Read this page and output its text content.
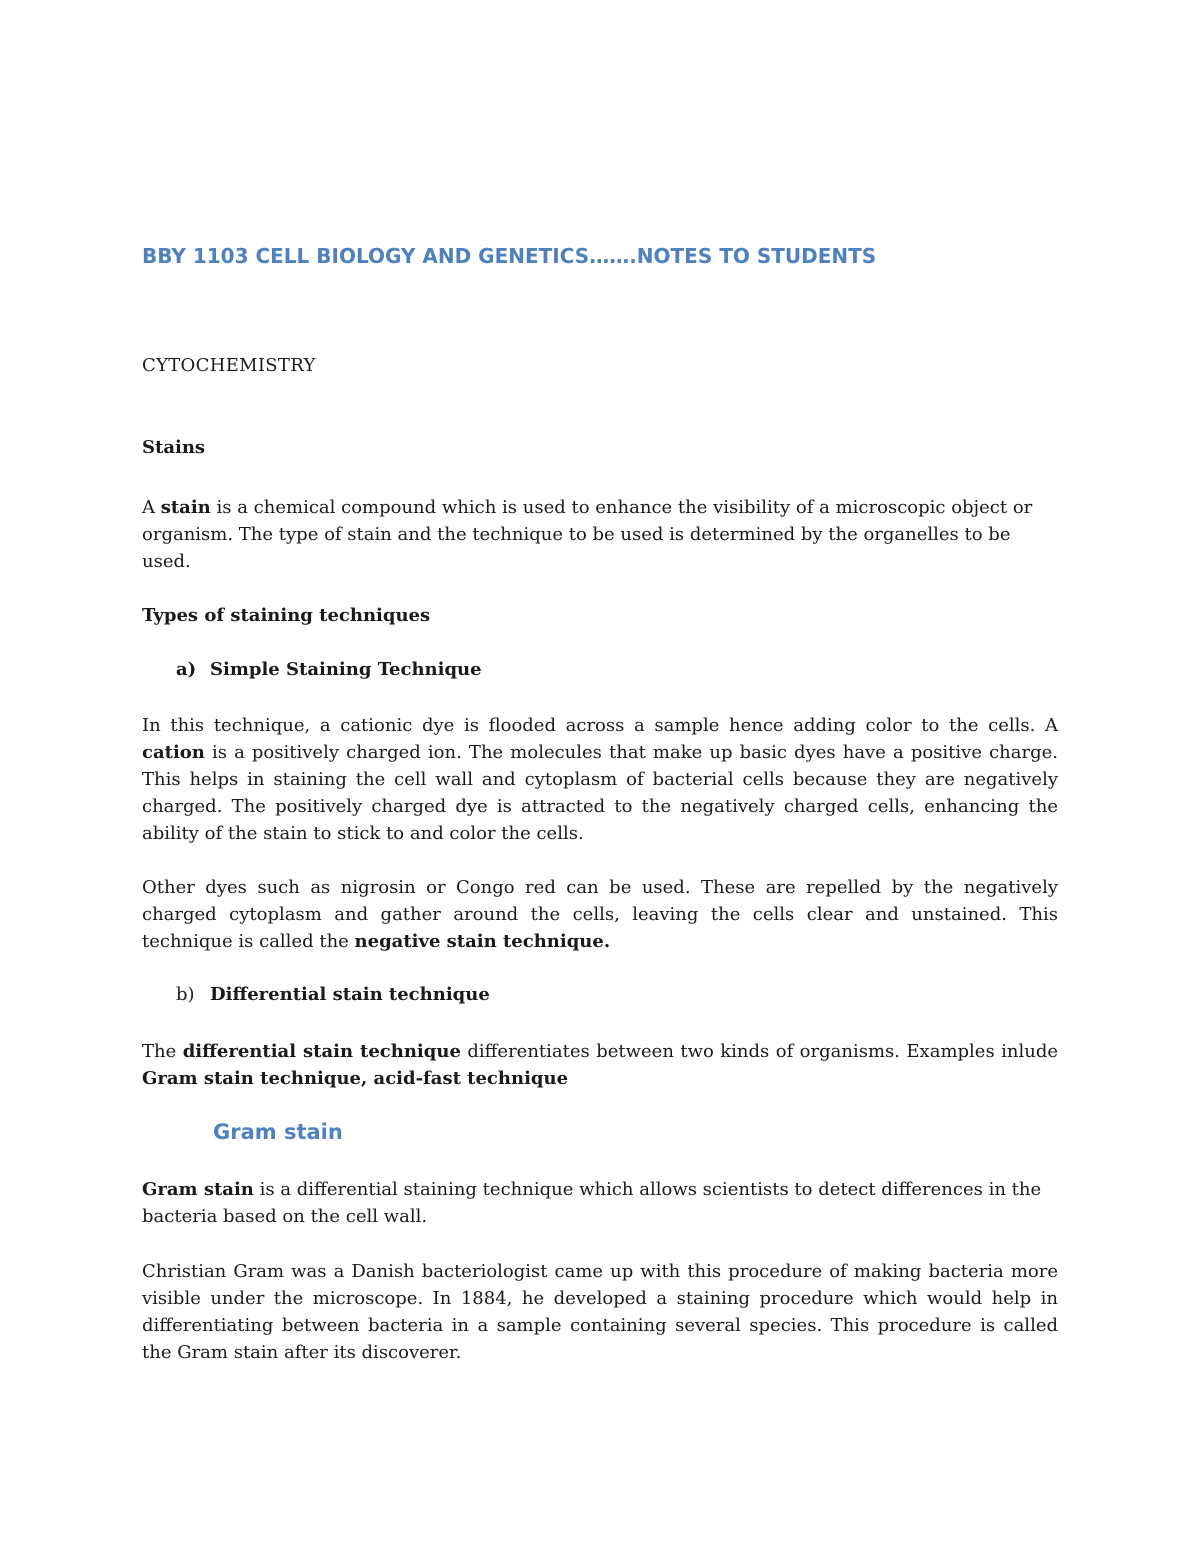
BBY 1103 CELL BIOLOGY AND GENETICS…….NOTES TO STUDENTS
CYTOCHEMISTRY
Stains

A stain is a chemical compound which is used to enhance the visibility of a microscopic object or organism. The type of stain and the technique to be used is determined by the organelles to be used.

Types of staining techniques
a) Simple Staining Technique

In this technique, a cationic dye is flooded across a sample hence adding color to the cells. A cation is a positively charged ion. The molecules that make up basic dyes have a positive charge. This helps in staining the cell wall and cytoplasm of bacterial cells because they are negatively charged. The positively charged dye is attracted to the negatively charged cells, enhancing the ability of the stain to stick to and color the cells.

Other dyes such as nigrosin or Congo red can be used. These are repelled by the negatively charged cytoplasm and gather around the cells, leaving the cells clear and unstained. This technique is called the negative stain technique.

b) Differential stain technique

The differential stain technique differentiates between two kinds of organisms. Examples inlude Gram stain technique, acid-fast technique

Gram stain

Gram stain is a differential staining technique which allows scientists to detect differences in the bacteria based on the cell wall.

Christian Gram was a Danish bacteriologist came up with this procedure of making bacteria more visible under the microscope. In 1884, he developed a staining procedure which would help in differentiating between bacteria in a sample containing several species. This procedure is called the Gram stain after its discoverer.
